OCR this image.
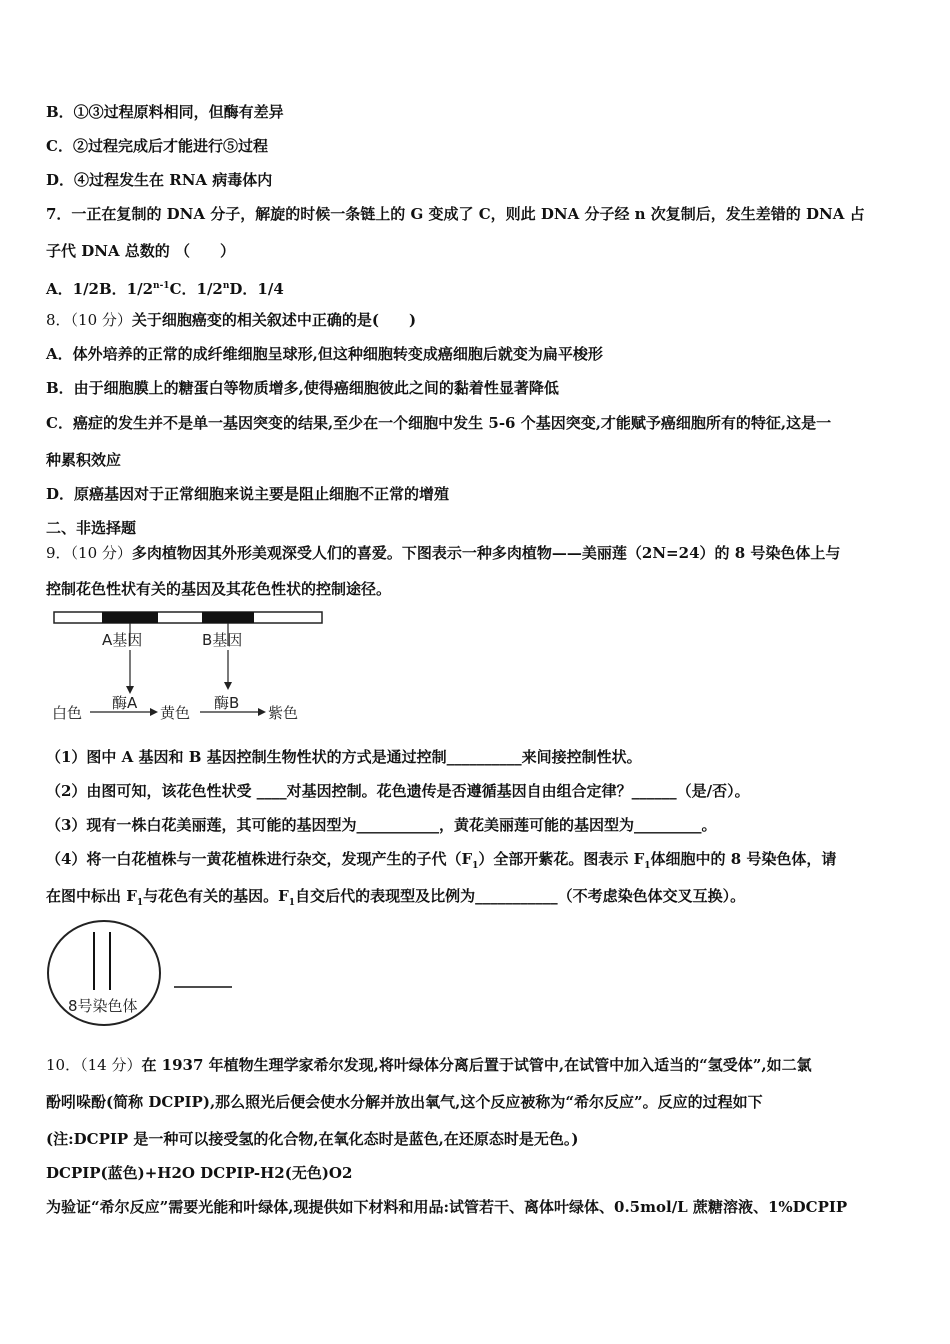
B．①③过程原料相同，但酶有差异
C．②过程完成后才能进行⑤过程
D．④过程发生在 RNA 病毒体内
7．一正在复制的 DNA 分子，解旋的时候一条链上的 G 变成了 C，则此 DNA 分子经 n 次复制后，发生差错的 DNA 占
子代 DNA 总数的 （　　）
A．1/2B．1/2$^{n-1}$C．1/2$^n$D．1/4
8．（10 分）关于细胞癌变的相关叙述中正确的是(　　)
A．体外培养的正常的成纤维细胞呈球形,但这种细胞转变成癌细胞后就变为扁平梭形
B．由于细胞膜上的糖蛋白等物质增多,使得癌细胞彼此之间的黏着性显著降低
C．癌症的发生并不是单一基因突变的结果,至少在一个细胞中发生 5-6 个基因突变,才能赋予癌细胞所有的特征,这是一
种累积效应
D．原癌基因对于正常细胞来说主要是阻止细胞不正常的增殖
二、非选择题
9．（10 分）多肉植物因其外形美观深受人们的喜爱。下图表示一种多肉植物——美丽莲（2N=24）的 8 号染色体上与
控制花色性状有关的基因及其花色性状的控制途径。
A基因	B基因
酶A	酶B
白色	黄色	紫色
（1）图中 A 基因和 B 基因控制生物性状的方式是通过控制__________来间接控制性状。
（2）由图可知，该花色性状受 ____对基因控制。花色遗传是否遵循基因自由组合定律？______（是/否）。
（3）现有一株白花美丽莲，其可能的基因型为___________，黄花美丽莲可能的基因型为_________。
（4）将一白花植株与一黄花植株进行杂交，发现产生的子代$(F_1)$全部开紫花。图表示 $F_1$体细胞中的 8 号染色体，请
在图中标出 $F_1$与花色有关的基因。$F_1$自交后代的表现型及比例为___________（不考虑染色体交叉互换）。
8号染色体
10．（14 分）在 1937 年植物生理学家希尔发现,将叶绿体分离后置于试管中,在试管中加入适当的“氢受体”,如二氯
酚吲哚酚(简称 DCPIP),那么照光后便会使水分解并放出氧气,这个反应被称为“希尔反应”。反应的过程如下
(注:DCPIP 是一种可以接受氢的化合物,在氧化态时是蓝色,在还原态时是无色。)
DCPIP(蓝色)+H2O DCPIP-H2(无色)O2
为验证“希尔反应”需要光能和叶绿体,现提供如下材料和用品:试管若干、离体叶绿体、0.5mol/L 蔗糖溶液、1%DCPIP
